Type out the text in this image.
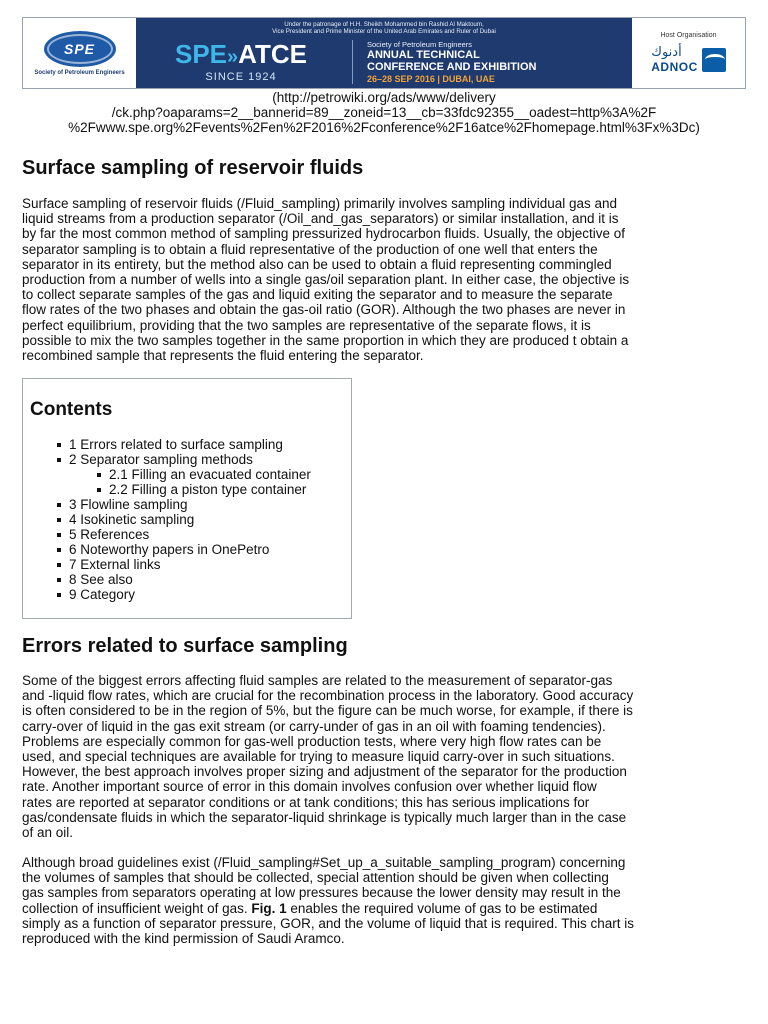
SPE
Society of Petroleum Engineers
Under the patronage of H.H. Sheikh Mohammed bin Rashid Al Maktoum,
Vice President and Prime Minister of the United Arab Emirates and Ruler of Dubai
SPE»ATCE
SINCE 1924
Society of Petroleum Engineers
ANNUAL TECHNICAL
CONFERENCE AND EXHIBITION
26–28 SEP 2016 | DUBAI, UAE
Host Organisation
أدنوك
ADNOC
(http://petrowiki.org/ads/www/delivery
/ck.php?oaparams=2__bannerid=89__zoneid=13__cb=33fdc92355__oadest=http%3A%2F
%2Fwww.spe.org%2Fevents%2Fen%2F2016%2Fconference%2F16atce%2Fhomepage.html%3Fx%3Dc)
Surface sampling of reservoir fluids
Surface sampling of reservoir fluids (/Fluid_sampling) primarily involves sampling individual gas and
liquid streams from a production separator (/Oil_and_gas_separators) or similar installation, and it is
by far the most common method of sampling pressurized hydrocarbon fluids. Usually, the objective of
separator sampling is to obtain a fluid representative of the production of one well that enters the
separator in its entirety, but the method also can be used to obtain a fluid representing commingled
production from a number of wells into a single gas/oil separation plant. In either case, the objective is
to collect separate samples of the gas and liquid exiting the separator and to measure the separate
flow rates of the two phases and obtain the gas-oil ratio (GOR). Although the two phases are never in
perfect equilibrium, providing that the two samples are representative of the separate flows, it is
possible to mix the two samples together in the same proportion in which they are produced t obtain a
recombined sample that represents the fluid entering the separator.
Contents
1 Errors related to surface sampling
2 Separator sampling methods
2.1 Filling an evacuated container
2.2 Filling a piston type container
3 Flowline sampling
4 Isokinetic sampling
5 References
6 Noteworthy papers in OnePetro
7 External links
8 See also
9 Category
Errors related to surface sampling
Some of the biggest errors affecting fluid samples are related to the measurement of separator-gas
and -liquid flow rates, which are crucial for the recombination process in the laboratory. Good accuracy
is often considered to be in the region of 5%, but the figure can be much worse, for example, if there is
carry-over of liquid in the gas exit stream (or carry-under of gas in an oil with foaming tendencies).
Problems are especially common for gas-well production tests, where very high flow rates can be
used, and special techniques are available for trying to measure liquid carry-over in such situations.
However, the best approach involves proper sizing and adjustment of the separator for the production
rate. Another important source of error in this domain involves confusion over whether liquid flow
rates are reported at separator conditions or at tank conditions; this has serious implications for
gas/condensate fluids in which the separator-liquid shrinkage is typically much larger than in the case
of an oil.
Although broad guidelines exist (/Fluid_sampling#Set_up_a_suitable_sampling_program) concerning
the volumes of samples that should be collected, special attention should be given when collecting
gas samples from separators operating at low pressures because the lower density may result in the
collection of insufficient weight of gas. Fig. 1 enables the required volume of gas to be estimated
simply as a function of separator pressure, GOR, and the volume of liquid that is required. This chart is
reproduced with the kind permission of Saudi Aramco.
